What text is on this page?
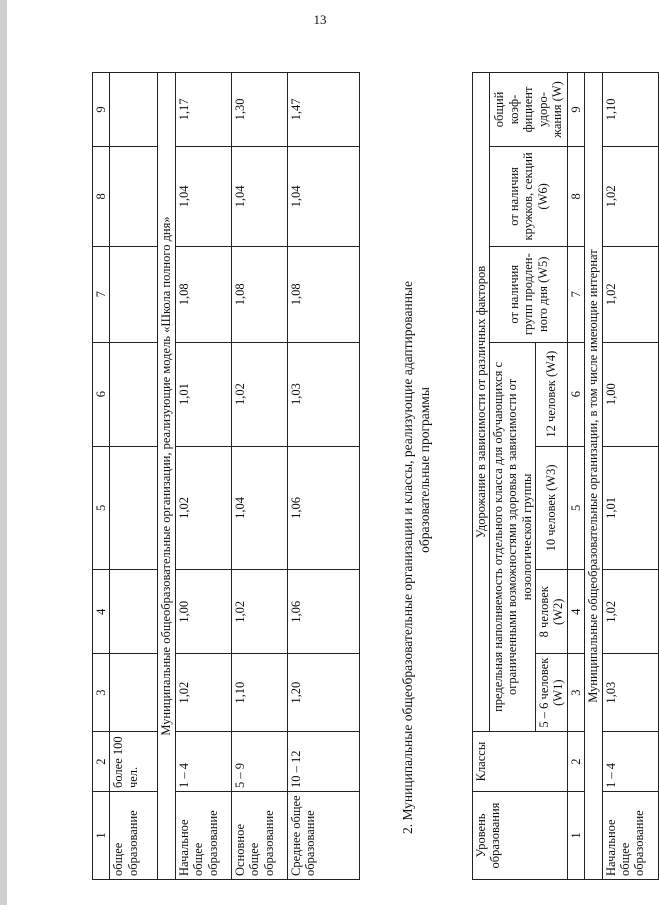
13
1	2	3	4	5	6	7	8	9
общее образование	более 100 чел.							
Муниципальные общеобразовательные организации, реализующие модель «Школа полного дня»								
Начальное общее образование	1 – 4	1,02	1,00	1,02	1,01	1,08	1,04	1,17
Основное общее образование	5 – 9	1,10	1,02	1,04	1,02	1,08	1,04	1,30
Среднее общее образование	10 – 12	1,20	1,06	1,06	1,03	1,08	1,04	1,47
2. Муниципальные общеобразовательные организации и классы, реализующие адаптированные образовательные программы
Уровень образования	Классы	Удорожание в зависимости от различных факторов						
		предельная наполняемость отдельного класса для обучающихся с ограниченными возможностями здоровья в зависимости от нозологической группы				от наличия групп продлен-ного дня (W5)	от наличия кружков, секций (W6)	общий коэф-фициент удоро-жания (W)
		5 – 6 человек (W1)	8 человек (W2)	10 человек (W3)	12 человек (W4)			
1	2	3	4	5	6	7	8	9
Муниципальные общеобразовательные организации, в том числе имеющие интернат								
Начальное общее образование	1 – 4	1,03	1,02	1,01	1,00	1,02	1,02	1,10
